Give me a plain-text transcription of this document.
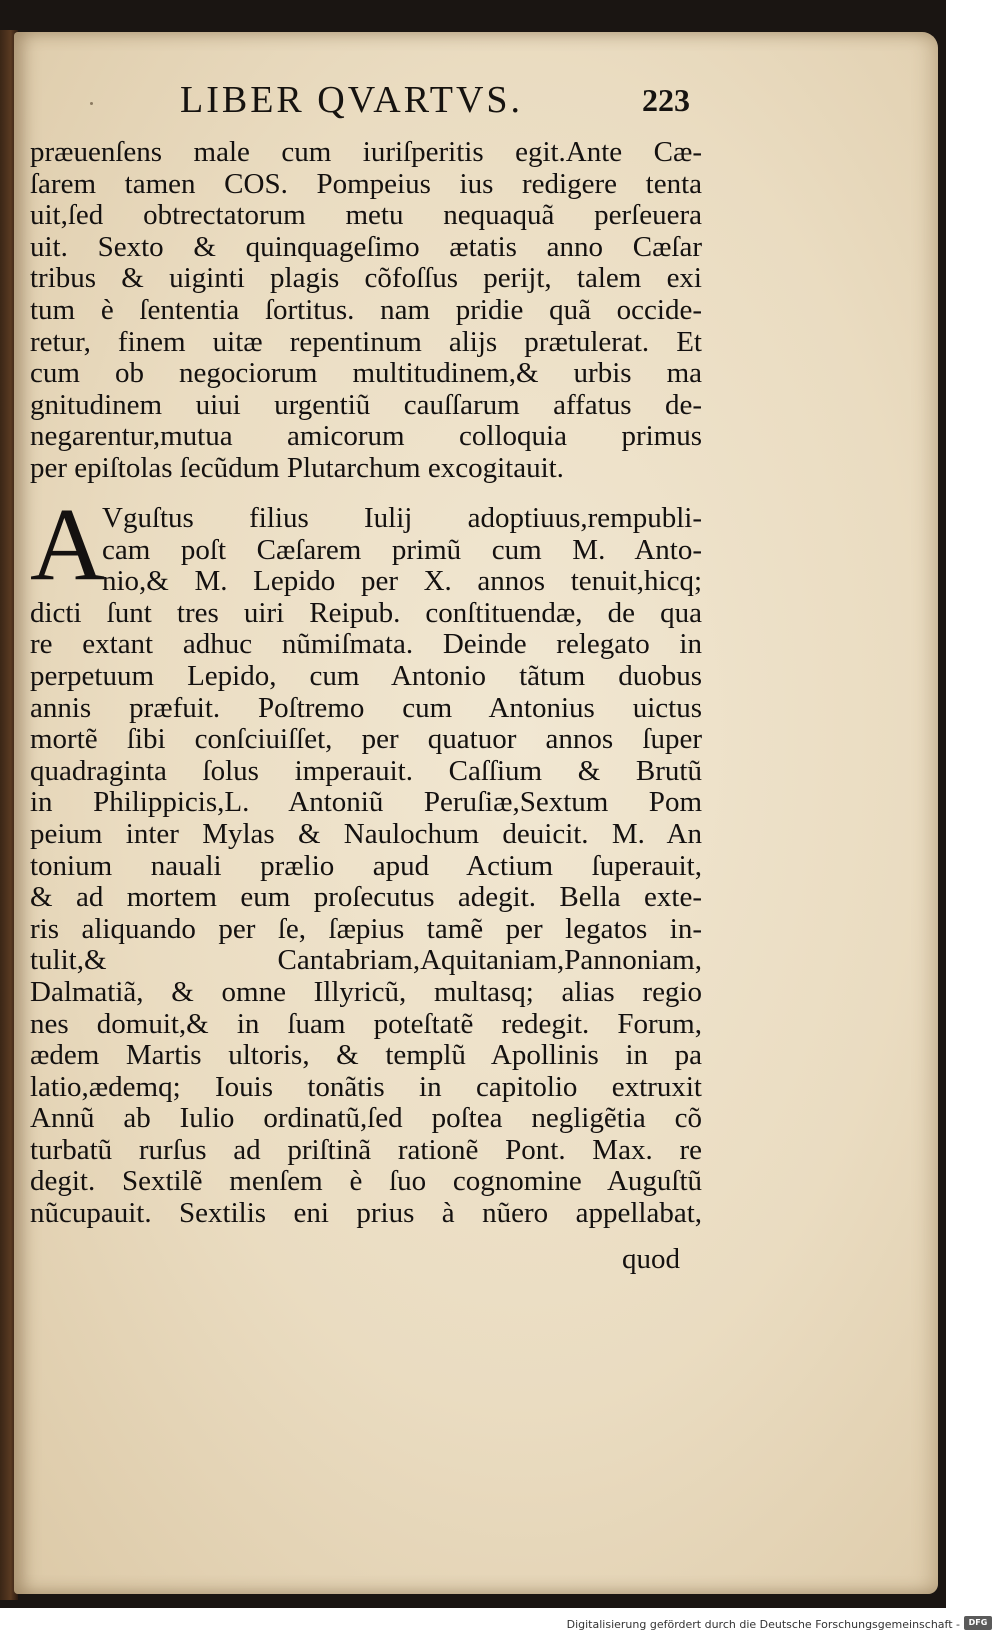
LIBER QVARTVS.	223
præuenſens male cum iuriſperitis egit.Ante Cæ-
ſarem tamen COS. Pompeius ius redigere tenta
uit,ſed obtrectatorum metu nequaquã perſeuera
uit. Sexto & quinquageſimo ætatis anno Cæſar
tribus & uiginti plagis cõfoſſus perijt, talem exi
tum è ſententia ſortitus. nam pridie quã occide-
retur, finem uitæ repentinum alijs prætulerat. Et
cum ob negociorum multitudinem,& urbis ma
gnitudinem uiui urgentiũ cauſſarum affatus de-
negarentur,mutua amicorum colloquia primus
per epiſtolas ſecũdum Plutarchum excogitauit.
A
Vguſtus filius Iulij adoptiuus,rempubli-
cam poſt Cæſarem primũ cum M. Anto-
nio,& M. Lepido per X. annos tenuit,hicq;
dicti ſunt tres uiri Reipub. conſtituendæ, de qua
re extant adhuc nũmiſmata. Deinde relegato in
perpetuum Lepido, cum Antonio tãtum duobus
annis præfuit. Poſtremo cum Antonius uictus
mortẽ ſibi conſciuiſſet, per quatuor annos ſuper
quadraginta ſolus imperauit. Caſſium & Brutũ
in Philippicis,L. Antoniũ Peruſiæ,Sextum Pom
peium inter Mylas & Naulochum deuicit. M. An
tonium nauali prælio apud Actium ſuperauit,
& ad mortem eum proſecutus adegit. Bella exte-
ris aliquando per ſe, ſæpius tamẽ per legatos in-
tulit,& Cantabriam,Aquitaniam,Pannoniam,
Dalmatiã, & omne Illyricũ, multasq; alias regio
nes domuit,& in ſuam poteſtatẽ redegit. Forum,
ædem Martis ultoris, & templũ Apollinis in pa
latio,ædemq; Iouis tonãtis in capitolio extruxit
Annũ ab Iulio ordinatũ,ſed poſtea negligẽtia cõ
turbatũ rurſus ad priſtinã rationẽ Pont. Max. re
degit. Sextilẽ menſem è ſuo cognomine Auguſtũ
nũcupauit. Sextilis eni prius à nũero appellabat,
quod
Digitalisierung gefördert durch die Deutsche Forschungsgemeinschaft -	DFG
